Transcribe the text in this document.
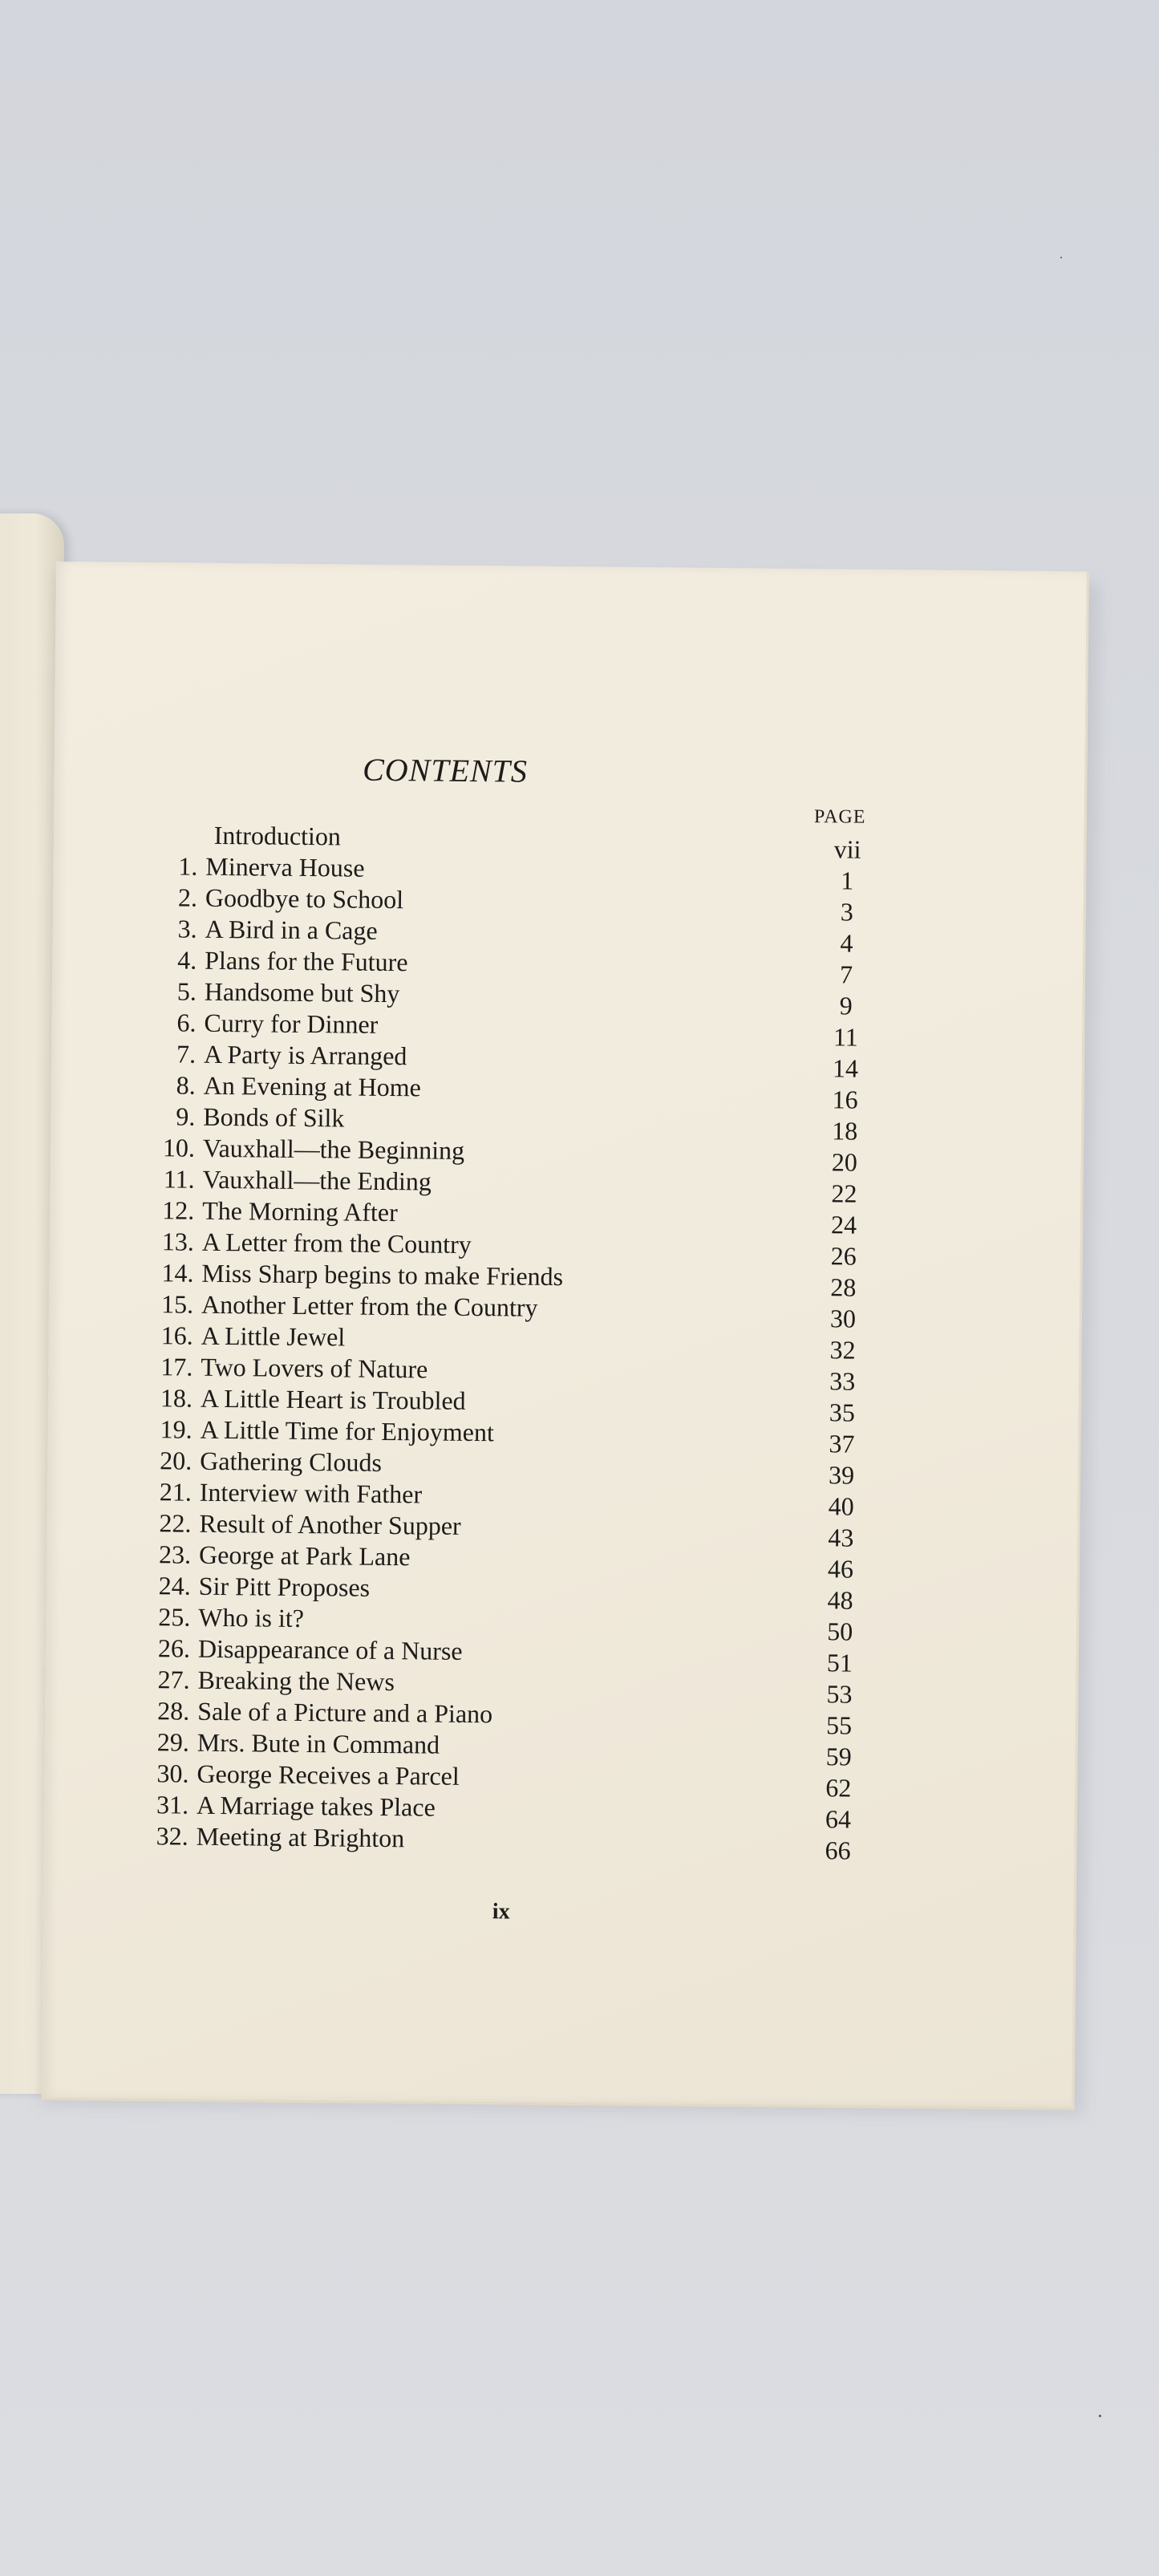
CONTENTS
PAGE
Introduction	vii
1. Minerva House	1
2. Goodbye to School	3
3. A Bird in a Cage	4
4. Plans for the Future	7
5. Handsome but Shy	9
6. Curry for Dinner	11
7. A Party is Arranged	14
8. An Evening at Home	16
9. Bonds of Silk	18
10. Vauxhall—the Beginning	20
11. Vauxhall—the Ending	22
12. The Morning After	24
13. A Letter from the Country	26
14. Miss Sharp begins to make Friends	28
15. Another Letter from the Country	30
16. A Little Jewel	32
17. Two Lovers of Nature	33
18. A Little Heart is Troubled	35
19. A Little Time for Enjoyment	37
20. Gathering Clouds	39
21. Interview with Father	40
22. Result of Another Supper	43
23. George at Park Lane	46
24. Sir Pitt Proposes	48
25. Who is it?	50
26. Disappearance of a Nurse	51
27. Breaking the News	53
28. Sale of a Picture and a Piano	55
29. Mrs. Bute in Command	59
30. George Receives a Parcel	62
31. A Marriage takes Place	64
32. Meeting at Brighton	66
ix
